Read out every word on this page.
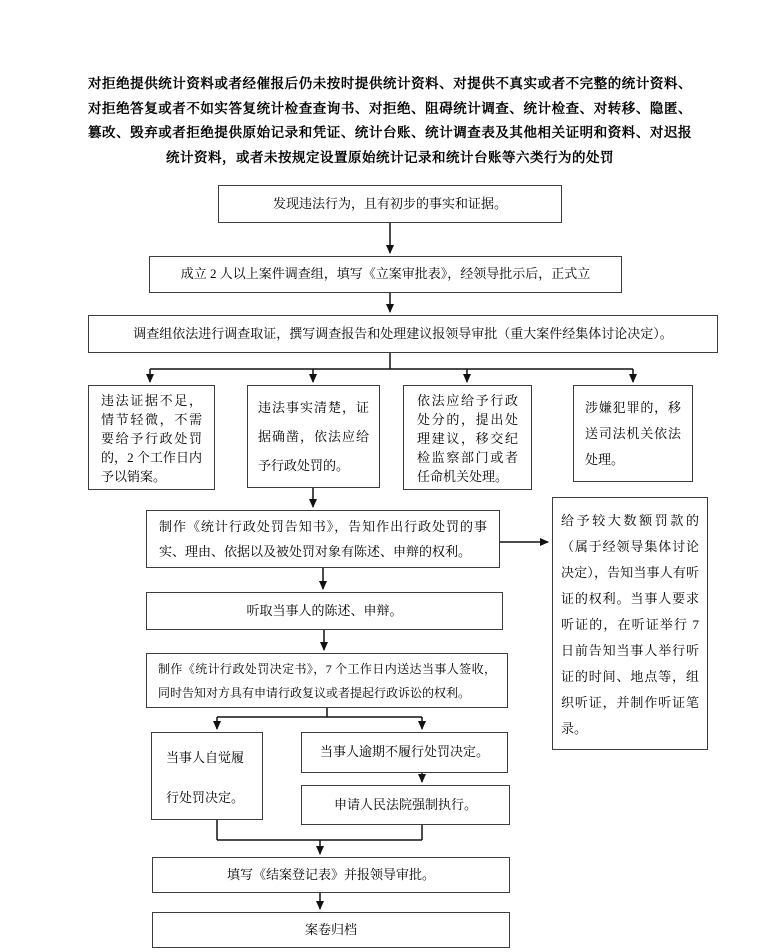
对拒绝提供统计资料或者经催报后仍未按时提供统计资料、对提供不真实或者不完整的统计资料、对拒绝答复或者不如实答复统计检查查询书、对拒绝、阻碍统计调查、统计检查、对转移、隐匿、篡改、毁弃或者拒绝提供原始记录和凭证、统计台账、统计调查表及其他相关证明和资料、对迟报统计资料，或者未按规定设置原始统计记录和统计台账等六类行为的处罚
发现违法行为，且有初步的事实和证据。
成立 2 人以上案件调查组，填写《立案审批表》，经领导批示后，正式立
调查组依法进行调查取证，撰写调查报告和处理建议报领导审批（重大案件经集体讨论决定）。
违法证据不足，情节轻微，不需要给予行政处罚的，2 个工作日内予以销案。
违法事实清楚，证据确凿，依法应给予行政处罚的。
依法应给予行政处分的，提出处理建议，移交纪检监察部门或者任命机关处理。
涉嫌犯罪的，移送司法机关依法处理。
制作《统计行政处罚告知书》，告知作出行政处罚的事实、理由、依据以及被处罚对象有陈述、申辩的权利。
给予较大数额罚款的（属于经领导集体讨论决定），告知当事人有听证的权利。当事人要求听证的，在听证举行 7 日前告知当事人举行听证的时间、地点等，组织听证，并制作听证笔录。
听取当事人的陈述、申辩。
制作《统计行政处罚决定书》，7 个工作日内送达当事人签收，同时告知对方具有申请行政复议或者提起行政诉讼的权利。
当事人自觉履行处罚决定。
当事人逾期不履行处罚决定。
申请人民法院强制执行。
填写《结案登记表》并报领导审批。
案卷归档
